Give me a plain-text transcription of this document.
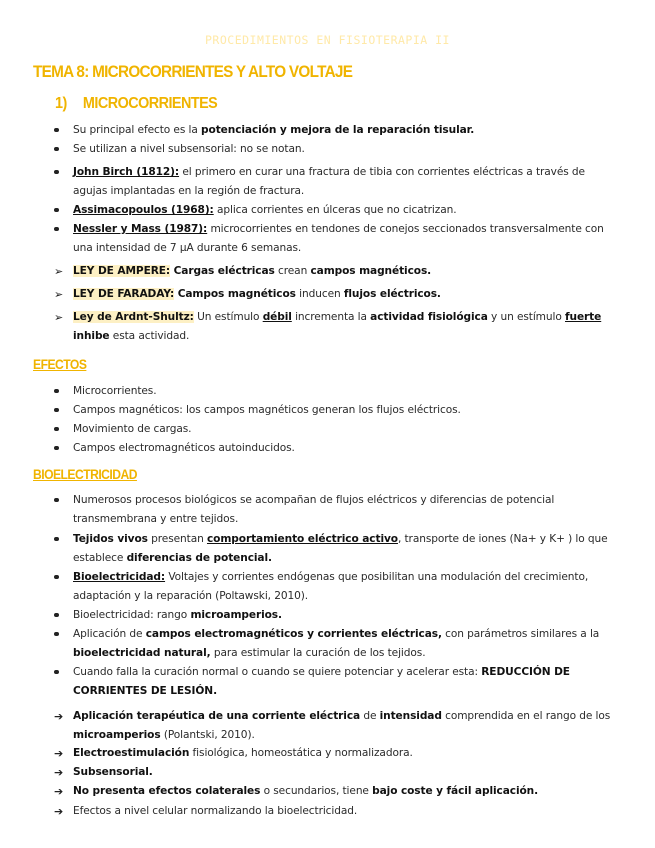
PROCEDIMIENTOS EN FISIOTERAPIA II
TEMA 8: MICROCORRIENTES Y ALTO VOLTAJE
1) MICROCORRIENTES
Su principal efecto es la potenciación y mejora de la reparación tisular.
Se utilizan a nivel subsensorial: no se notan.
John Birch (1812): el primero en curar una fractura de tibia con corrientes eléctricas a través de
agujas implantadas en la región de fractura.
Assimacopoulos (1968): aplica corrientes en úlceras que no cicatrizan.
Nessler y Mass (1987): microcorrientes en tendones de conejos seccionados transversalmente con
una intensidad de 7 µA durante 6 semanas.
➢ LEY DE AMPERE: Cargas eléctricas crean campos magnéticos.
➢ LEY DE FARADAY: Campos magnéticos inducen flujos eléctricos.
➢ Ley de Ardnt-Shultz: Un estímulo débil incrementa la actividad fisiológica y un estímulo fuerte
inhibe esta actividad.
EFECTOS
Microcorrientes.
Campos magnéticos: los campos magnéticos generan los flujos eléctricos.
Movimiento de cargas.
Campos electromagnéticos autoinducidos.
BIOELECTRICIDAD
Numerosos procesos biológicos se acompañan de flujos eléctricos y diferencias de potencial
transmembrana y entre tejidos.
Tejidos vivos presentan comportamiento eléctrico activo, transporte de iones (Na+ y K+ ) lo que
establece diferencias de potencial.
Bioelectricidad: Voltajes y corrientes endógenas que posibilitan una modulación del crecimiento,
adaptación y la reparación (Poltawski, 2010).
Bioelectricidad: rango microamperios.
Aplicación de campos electromagnéticos y corrientes eléctricas, con parámetros similares a la
bioelectricidad natural, para estimular la curación de los tejidos.
Cuando falla la curación normal o cuando se quiere potenciar y acelerar esta: REDUCCIÓN DE
CORRIENTES DE LESIÓN.
➔ Aplicación terapéutica de una corriente eléctrica de intensidad comprendida en el rango de los
microamperios (Polantski, 2010).
➔ Electroestimulación fisiológica, homeostática y normalizadora.
➔ Subsensorial.
➔ No presenta efectos colaterales o secundarios, tiene bajo coste y fácil aplicación.
➔ Efectos a nivel celular normalizando la bioelectricidad.
